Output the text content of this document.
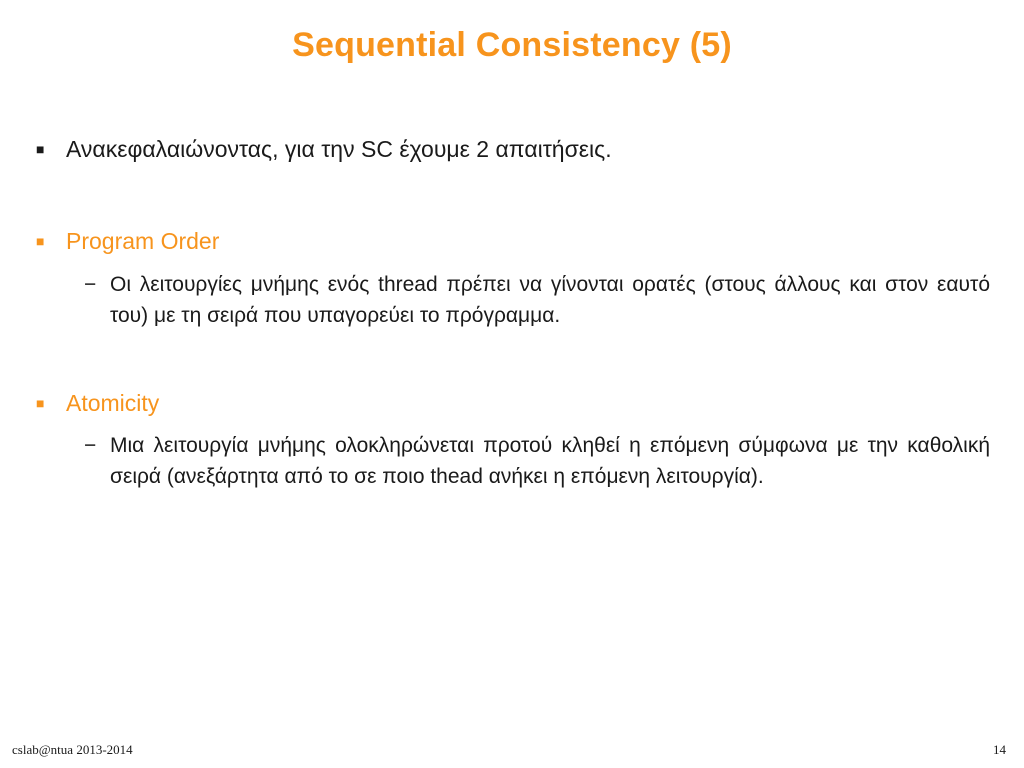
Sequential Consistency (5)
■ Ανακεφαλαιώνοντας, για την SC έχουμε 2 απαιτήσεις.
■ Program Order
− Οι λειτουργίες μνήμης ενός thread πρέπει να γίνονται ορατές (στους άλλους και στον εαυτό του) με τη σειρά που υπαγορεύει το πρόγραμμα.
■ Atomicity
− Μια λειτουργία μνήμης ολοκληρώνεται προτού κληθεί η επόμενη σύμφωνα με την καθολική σειρά (ανεξάρτητα από το σε ποιο thead ανήκει η επόμενη λειτουργία).
cslab@ntua 2013-2014	14
